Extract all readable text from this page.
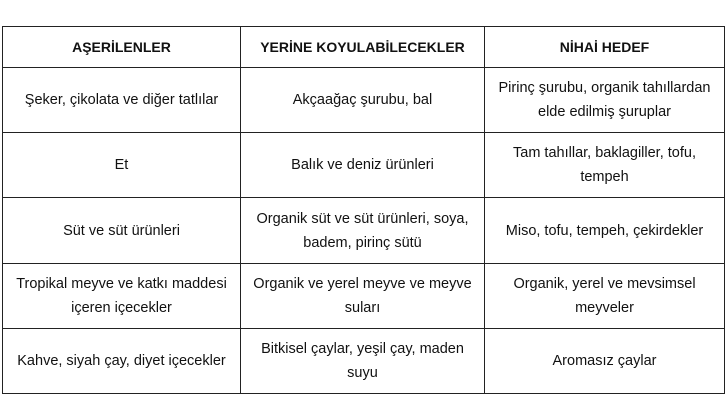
AŞERİLENLER	YERİNE KOYULABİLECEKLER	NİHAİ HEDEF
Şeker, çikolata ve diğer tatlılar	Akçaağaç şurubu, bal	Pirinç şurubu, organik tahıllardan elde edilmiş şuruplar
Et	Balık ve deniz ürünleri	Tam tahıllar, baklagiller, tofu, tempeh
Süt ve süt ürünleri	Organik süt ve süt ürünleri, soya, badem, pirinç sütü	Miso, tofu, tempeh, çekirdekler
Tropikal meyve ve katkı maddesi içeren içecekler	Organik ve yerel meyve ve meyve suları	Organik, yerel ve mevsimsel meyveler
Kahve, siyah çay, diyet içecekler	Bitkisel çaylar, yeşil çay, maden suyu	Aromasız çaylar
